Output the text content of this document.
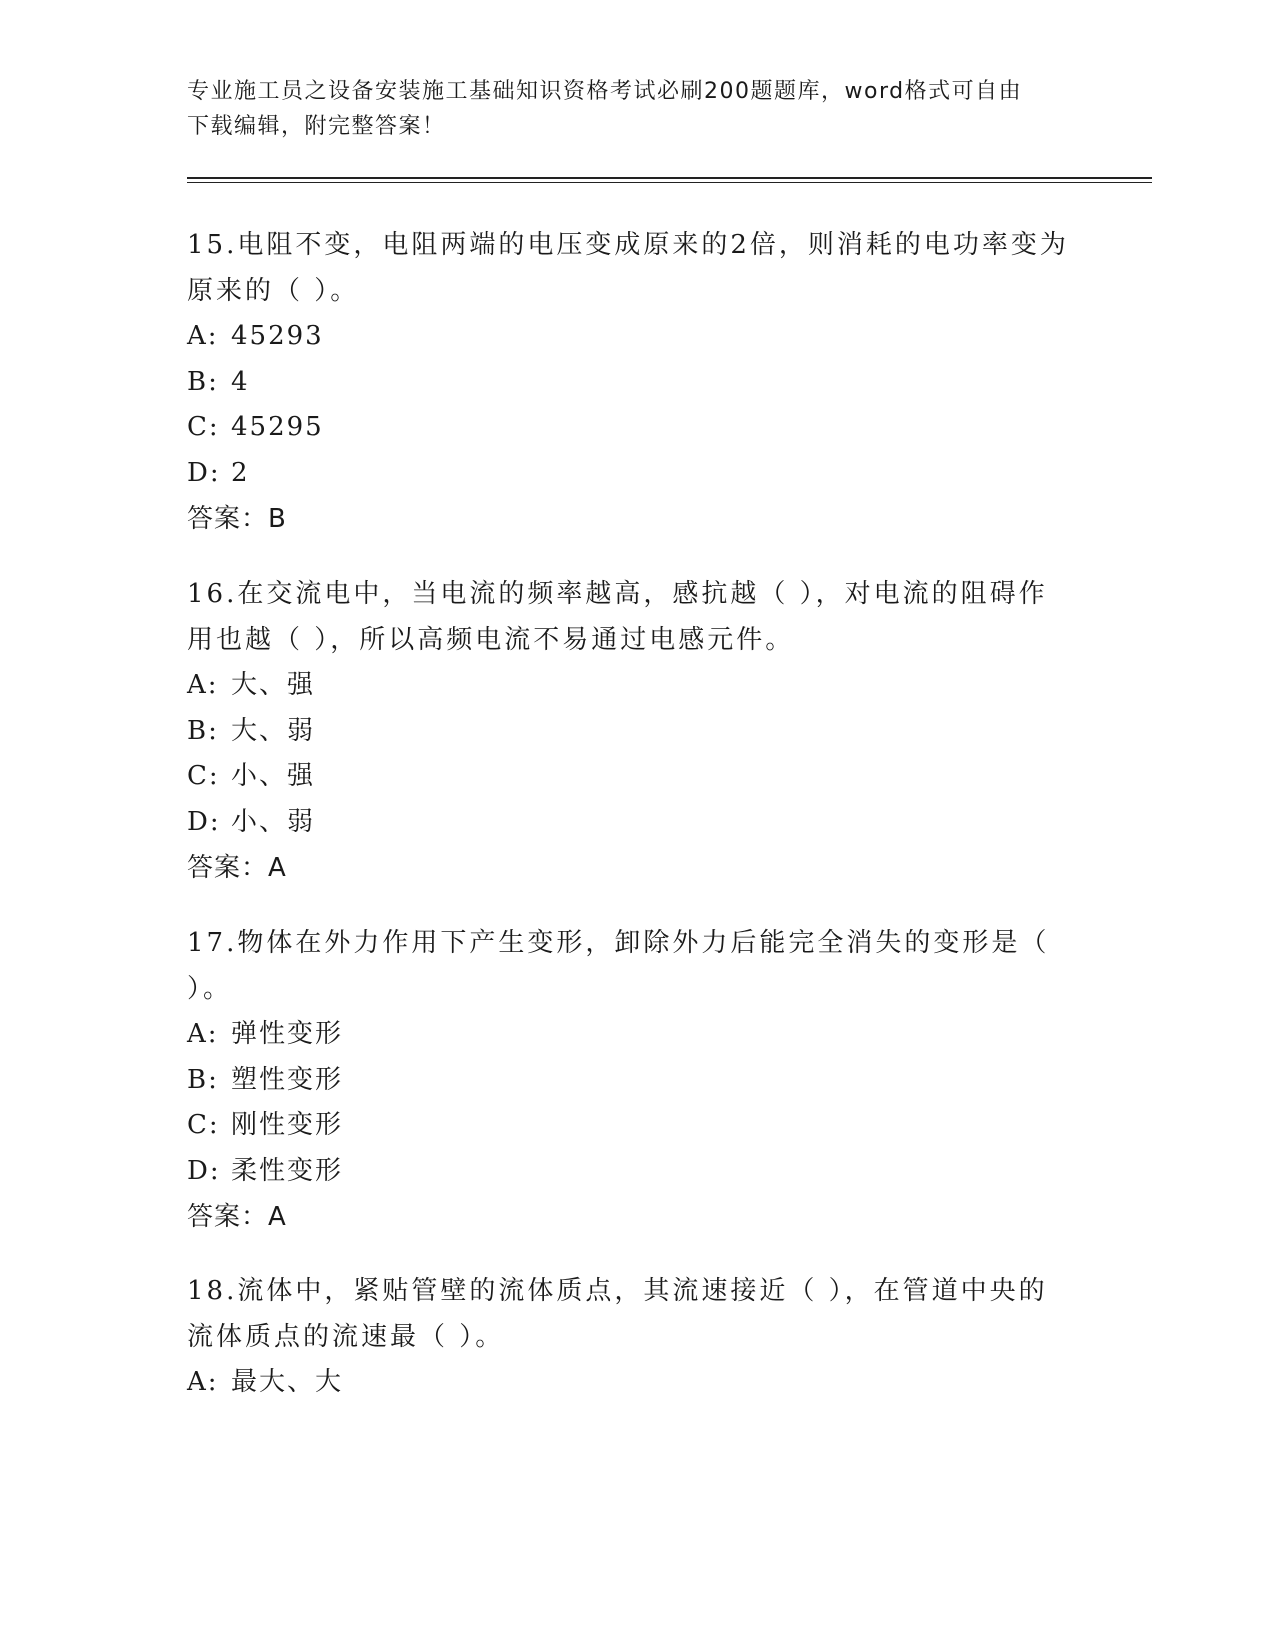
专业施工员之设备安装施工基础知识资格考试必刷200题题库，word格式可自由
下载编辑，附完整答案！

15.电阻不变，电阻两端的电压变成原来的2倍，则消耗的电功率变为
原来的（ ）。

A: 45293

B: 4

C: 45295

D: 2

答案：B

16.在交流电中，当电流的频率越高，感抗越（ ），对电流的阻碍作
用也越（ ），所以高频电流不易通过电感元件。

A: 大、强

B: 大、弱

C: 小、强

D: 小、弱

答案：A

17.物体在外力作用下产生变形，卸除外力后能完全消失的变形是（
）。

A: 弹性变形

B: 塑性变形

C: 刚性变形

D: 柔性变形

答案：A

18.流体中，紧贴管壁的流体质点，其流速接近（ ），在管道中央的
流体质点的流速最（ ）。

A: 最大、大
